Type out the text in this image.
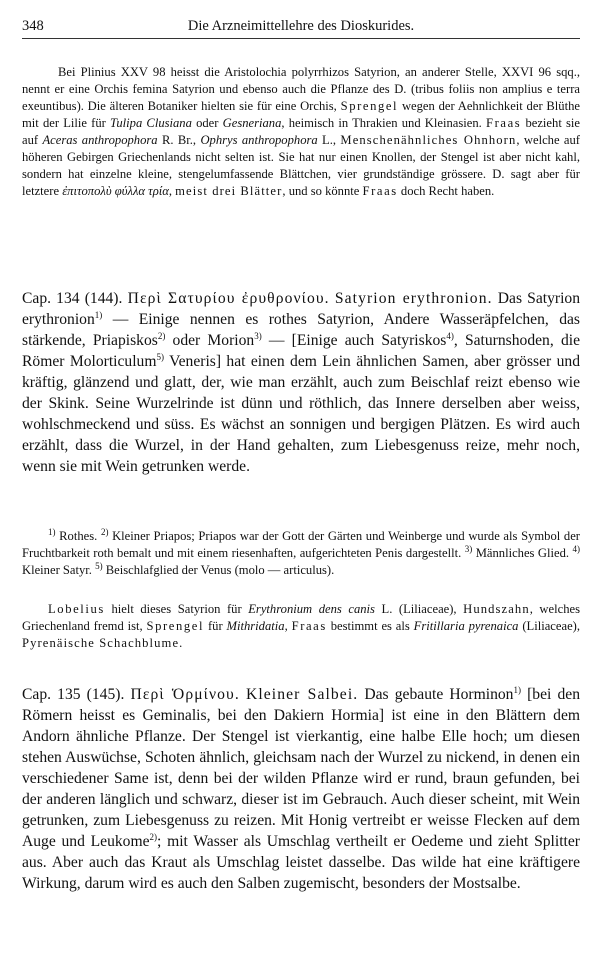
348	Die Arzneimittellehre des Dioskurides.

Bei Plinius XXV 98 heisst die Aristolochia polyrrhizos Satyrion, an anderer Stelle, XXVI 96 sqq., nennt er eine Orchis femina Satyrion und ebenso auch die Pflanze des D. (tribus foliis non amplius e terra exeuntibus). Die älteren Botaniker hielten sie für eine Orchis, Sprengel wegen der Aehnlichkeit der Blüthe mit der Lilie für Tulipa Clusiana oder Gesneriana, heimisch in Thrakien und Kleinasien. Fraas bezieht sie auf Aceras anthropophora R. Br., Ophrys anthropophora L., Menschenähnliches Ohnhorn, welche auf höheren Gebirgen Griechenlands nicht selten ist. Sie hat nur einen Knollen, der Stengel ist aber nicht kahl, sondern hat einzelne kleine, stengelumfassende Blättchen, vier grundständige grössere. D. sagt aber für letztere ἐπιτοπολὺ φύλλα τρία, meist drei Blätter, und so könnte Fraas doch Recht haben.

Cap. 134 (144). Περὶ Σατυρίου ἐρυθρονίου. Satyrion erythronion. Das Satyrion erythronion$^{1)}$ — Einige nennen es rothes Satyrion, Andere Wasseräpfelchen, das stärkende, Priapiskos$^{2)}$ oder Morion$^{3)}$ — [Einige auch Satyriskos$^{4)}$, Saturnshoden, die Römer Molorticulum$^{5)}$ Veneris] hat einen dem Lein ähnlichen Samen, aber grösser und kräftig, glänzend und glatt, der, wie man erzählt, auch zum Beischlaf reizt ebenso wie der Skink. Seine Wurzelrinde ist dünn und röthlich, das Innere derselben aber weiss, wohlschmeckend und süss. Es wächst an sonnigen und bergigen Plätzen. Es wird auch erzählt, dass die Wurzel, in der Hand gehalten, zum Liebesgenuss reize, mehr noch, wenn sie mit Wein getrunken werde.

$^{1)}$ Rothes. $^{2)}$ Kleiner Priapos; Priapos war der Gott der Gärten und Weinberge und wurde als Symbol der Fruchtbarkeit roth bemalt und mit einem riesenhaften, aufgerichteten Penis dargestellt. $^{3)}$ Männliches Glied. $^{4)}$ Kleiner Satyr. $^{5)}$ Beischlafglied der Venus (molo — articulus).

Lobelius hielt dieses Satyrion für Erythronium dens canis L. (Liliaceae), Hundszahn, welches Griechenland fremd ist, Sprengel für Mithridatia, Fraas bestimmt es als Fritillaria pyrenaica (Liliaceae), Pyrenäische Schachblume.

Cap. 135 (145). Περὶ Ὁρμίνου. Kleiner Salbei. Das gebaute Horminon$^{1)}$ [bei den Römern heisst es Geminalis, bei den Dakiern Hormia] ist eine in den Blättern dem Andorn ähnliche Pflanze. Der Stengel ist vierkantig, eine halbe Elle hoch; um diesen stehen Auswüchse, Schoten ähnlich, gleichsam nach der Wurzel zu nickend, in denen ein verschiedener Same ist, denn bei der wilden Pflanze wird er rund, braun gefunden, bei der anderen länglich und schwarz, dieser ist im Gebrauch. Auch dieser scheint, mit Wein getrunken, zum Liebesgenuss zu reizen. Mit Honig vertreibt er weisse Flecken auf dem Auge und Leukome$^{2)}$; mit Wasser als Umschlag vertheilt er Oedeme und zieht Splitter aus. Aber auch das Kraut als Umschlag leistet dasselbe. Das wilde hat eine kräftigere Wirkung, darum wird es auch den Salben zugemischt, besonders der Mostsalbe.
